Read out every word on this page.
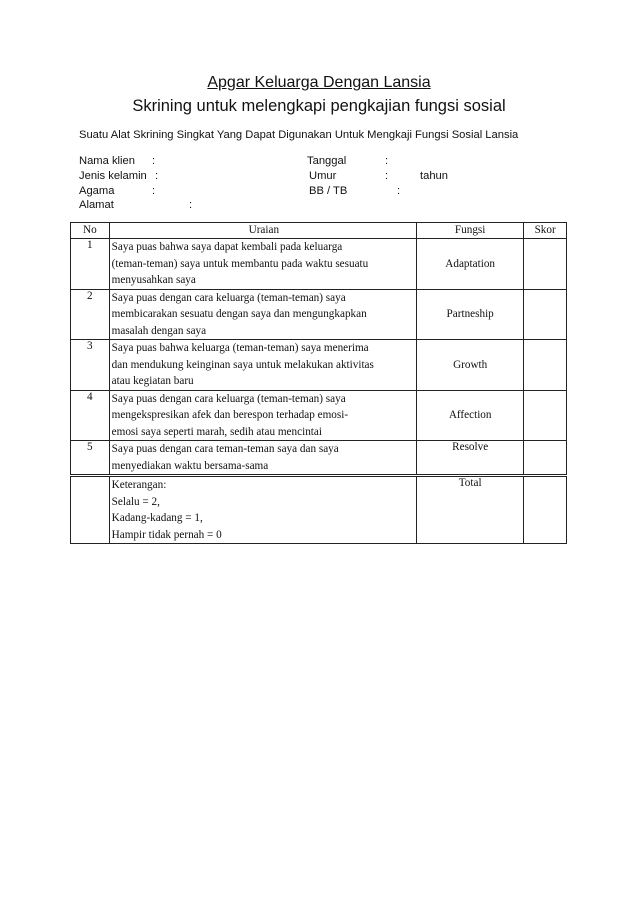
Apgar Keluarga Dengan Lansia
Skrining untuk melengkapi pengkajian fungsi sosial
Suatu Alat Skrining Singkat Yang Dapat Digunakan Untuk Mengkaji Fungsi Sosial Lansia
Nama klien :
Jenis kelamin :
Agama	:
Alamat	:
Tanggal	:
Umur	:	tahun
BB / TB	:
No	Uraian	Fungsi	Skor
1	Saya puas bahwa saya dapat kembali pada keluarga
(teman-teman) saya untuk membantu pada waktu sesuatu
menyusahkan saya	Adaptation	
2	Saya puas dengan cara keluarga (teman-teman) saya
membicarakan sesuatu dengan saya dan mengungkapkan
masalah dengan saya	Partneship	
3	Saya puas bahwa keluarga (teman-teman) saya menerima
dan mendukung keinginan saya untuk melakukan aktivitas
atau kegiatan baru	Growth	
4	Saya puas dengan cara keluarga (teman-teman) saya
mengekspresikan afek dan berespon terhadap emosi-
emosi saya seperti marah, sedih atau mencintai	Affection	
5	Saya puas dengan cara teman-teman saya dan saya
menyediakan waktu bersama-sama	Resolve	

	Keterangan:
Selalu = 2,
Kadang-kadang = 1,
Hampir tidak pernah = 0	Total	
